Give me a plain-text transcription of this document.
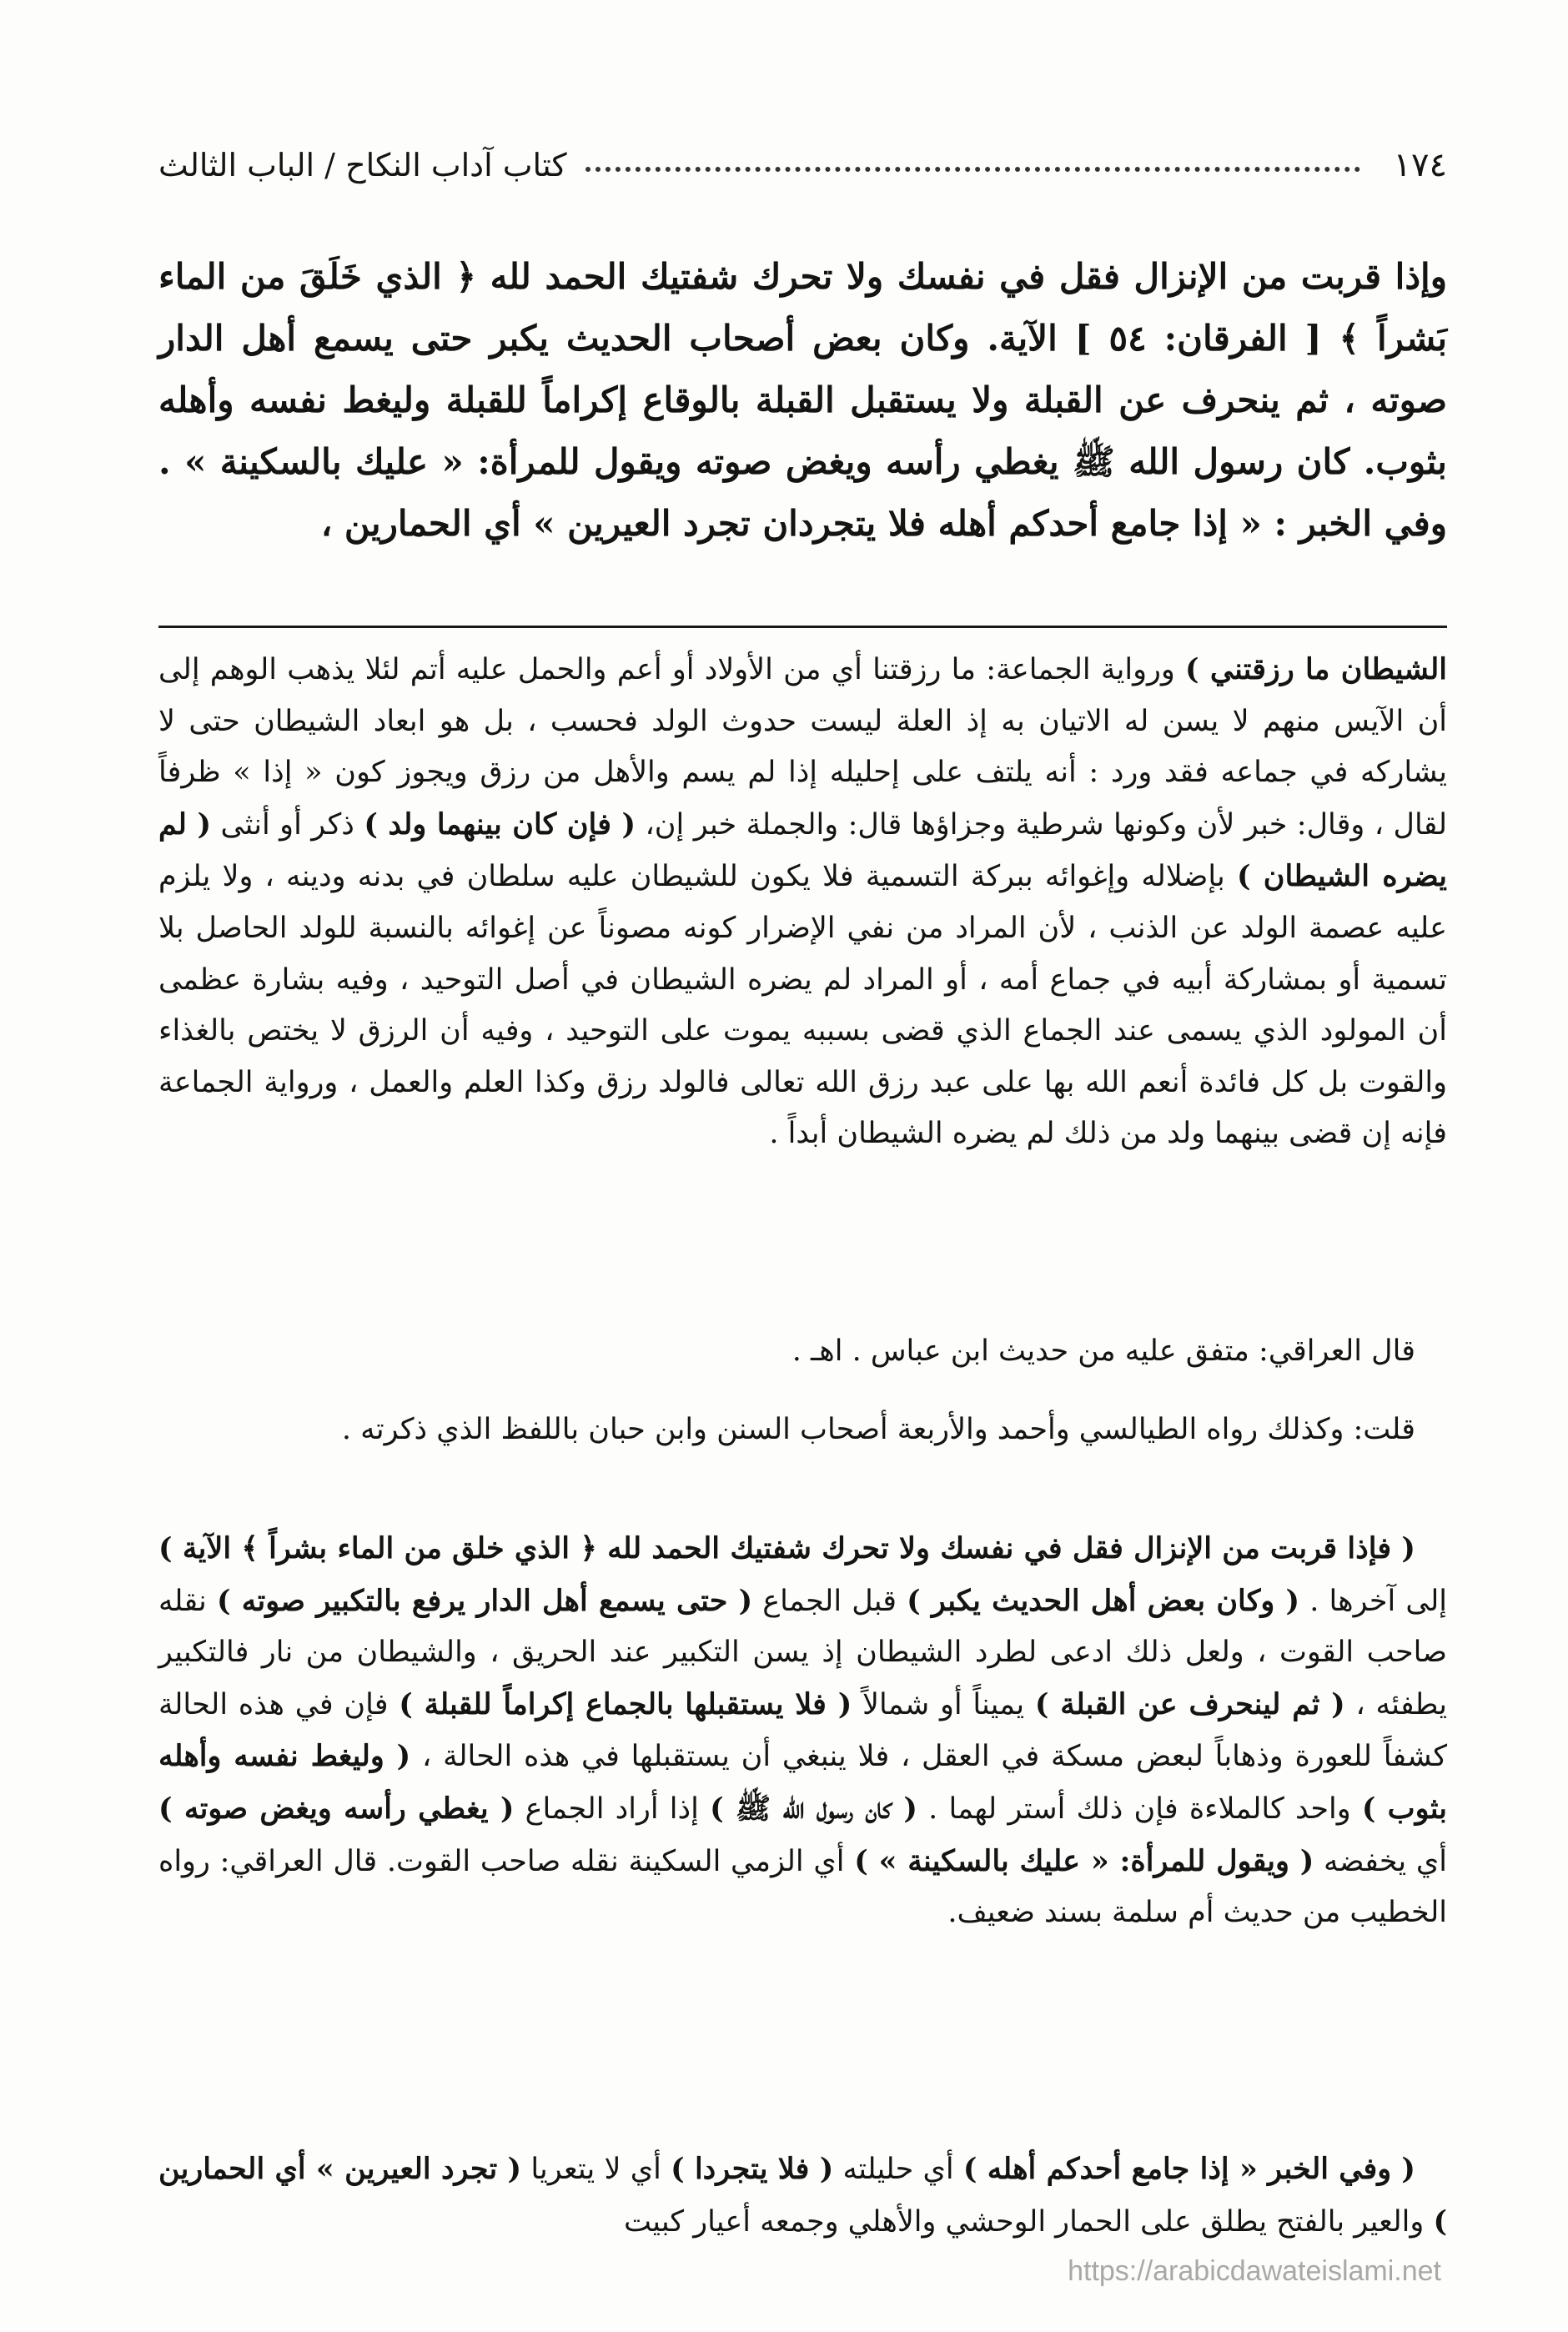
١٧٤
كتاب آداب النكاح / الباب الثالث

وإذا قربت من الإنزال فقل في نفسك ولا تحرك شفتيك الحمد لله ﴿ الذي خَلَقَ من الماء بَشراً ﴾ [ الفرقان: ٥٤ ] الآية. وكان بعض أصحاب الحديث يكبر حتى يسمع أهل الدار صوته ، ثم ينحرف عن القبلة ولا يستقبل القبلة بالوقاع إكراماً للقبلة وليغط نفسه وأهله بثوب. كان رسول الله ﷺ يغطي رأسه ويغض صوته ويقول للمرأة: « عليك بالسكينة » . وفي الخبر : « إذا جامع أحدكم أهله فلا يتجردان تجرد العيرين » أي الحمارين ،

الشيطان ما رزقتني ) ورواية الجماعة: ما رزقتنا أي من الأولاد أو أعم والحمل عليه أتم لئلا يذهب الوهم إلى أن الآيس منهم لا يسن له الاتيان به إذ العلة ليست حدوث الولد فحسب ، بل هو ابعاد الشيطان حتى لا يشاركه في جماعه فقد ورد : أنه يلتف على إحليله إذا لم يسم والأهل من رزق ويجوز كون « إذا » ظرفاً لقال ، وقال: خبر لأن وكونها شرطية وجزاؤها قال: والجملة خبر إن، ( فإن كان بينهما ولد ) ذكر أو أنثى ( لم يضره الشيطان ) بإضلاله وإغوائه ببركة التسمية فلا يكون للشيطان عليه سلطان في بدنه ودينه ، ولا يلزم عليه عصمة الولد عن الذنب ، لأن المراد من نفي الإضرار كونه مصوناً عن إغوائه بالنسبة للولد الحاصل بلا تسمية أو بمشاركة أبيه في جماع أمه ، أو المراد لم يضره الشيطان في أصل التوحيد ، وفيه بشارة عظمى أن المولود الذي يسمى عند الجماع الذي قضى بسببه يموت على التوحيد ، وفيه أن الرزق لا يختص بالغذاء والقوت بل كل فائدة أنعم الله بها على عبد رزق الله تعالى فالولد رزق وكذا العلم والعمل ، ورواية الجماعة فإنه إن قضى بينهما ولد من ذلك لم يضره الشيطان أبداً .

قال العراقي: متفق عليه من حديث ابن عباس . اهـ .

قلت: وكذلك رواه الطيالسي وأحمد والأربعة أصحاب السنن وابن حبان باللفظ الذي ذكرته .

( فإذا قربت من الإنزال فقل في نفسك ولا تحرك شفتيك الحمد لله ﴿ الذي خلق من الماء بشراً ﴾ الآية ) إلى آخرها . ( وكان بعض أهل الحديث يكبر ) قبل الجماع ( حتى يسمع أهل الدار يرفع بالتكبير صوته ) نقله صاحب القوت ، ولعل ذلك ادعى لطرد الشيطان إذ يسن التكبير عند الحريق ، والشيطان من نار فالتكبير يطفئه ، ( ثم لينحرف عن القبلة ) يميناً أو شمالاً ( فلا يستقبلها بالجماع إكراماً للقبلة ) فإن في هذه الحالة كشفاً للعورة وذهاباً لبعض مسكة في العقل ، فلا ينبغي أن يستقبلها في هذه الحالة ، ( وليغط نفسه وأهله بثوب ) واحد كالملاءة فإن ذلك أستر لهما . ( كان رسول الله ﷺ ) إذا أراد الجماع ( يغطي رأسه ويغض صوته ) أي يخفضه ( ويقول للمرأة: « عليك بالسكينة » ) أي الزمي السكينة نقله صاحب القوت. قال العراقي: رواه الخطيب من حديث أم سلمة بسند ضعيف.

( وفي الخبر « إذا جامع أحدكم أهله ) أي حليلته ( فلا يتجردا ) أي لا يتعريا ( تجرد العيرين » أي الحمارين ) والعير بالفتح يطلق على الحمار الوحشي والأهلي وجمعه أعيار كبيت

https://arabicdawateislami.net
